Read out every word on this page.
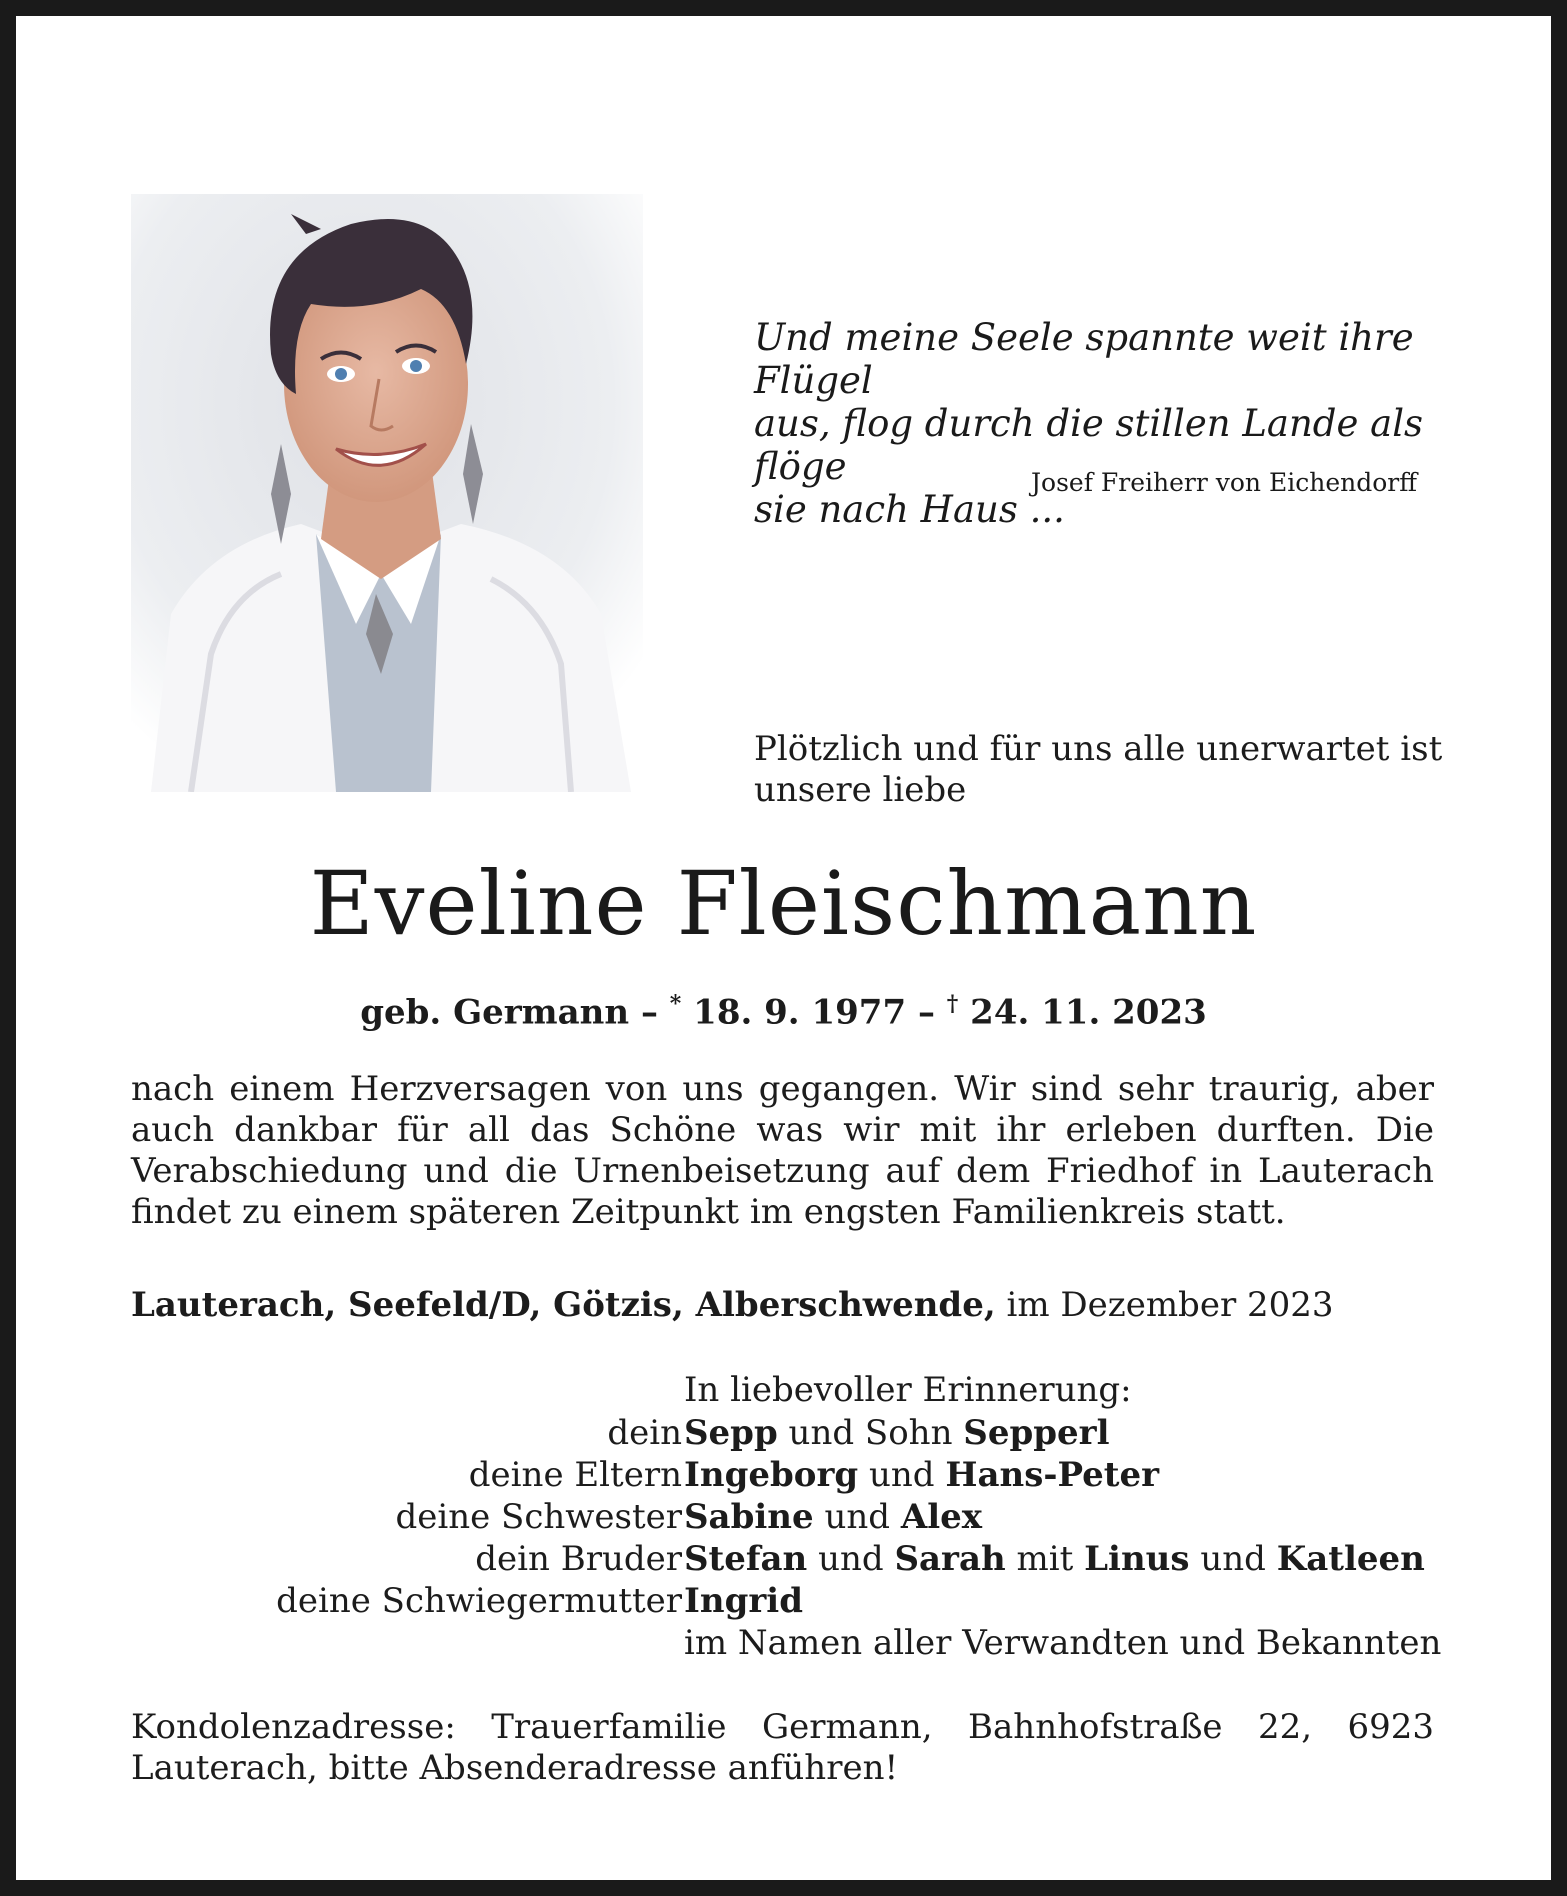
Und meine Seele spannte weit ihre Flügel
aus, flog durch die stillen Lande als flöge
sie nach Haus ...
Josef Freiherr von Eichendorff
Plötzlich und für uns alle unerwartet ist
unsere liebe
Eveline Fleischmann
geb. Germann – * 18. 9. 1977 – † 24. 11. 2023
nach einem Herzversagen von uns gegangen. Wir sind sehr traurig, aber auch dankbar für all das Schöne was wir mit ihr erleben durften. Die Verabschiedung und die Urnenbeisetzung auf dem Friedhof in Lauterach findet zu einem späteren Zeitpunkt im engsten Familienkreis statt.
Lauterach, Seefeld/D, Götzis, Alberschwende, im Dezember 2023
In liebevoller Erinnerung:
dein Sepp und Sohn Sepperl
deine Eltern Ingeborg und Hans-Peter
deine Schwester Sabine und Alex
dein Bruder Stefan und Sarah mit Linus und Katleen
deine Schwiegermutter Ingrid
im Namen aller Verwandten und Bekannten
Kondolenzadresse: Trauerfamilie Germann, Bahnhofstraße 22, 6923 Lauterach, bitte Absenderadresse anführen!
